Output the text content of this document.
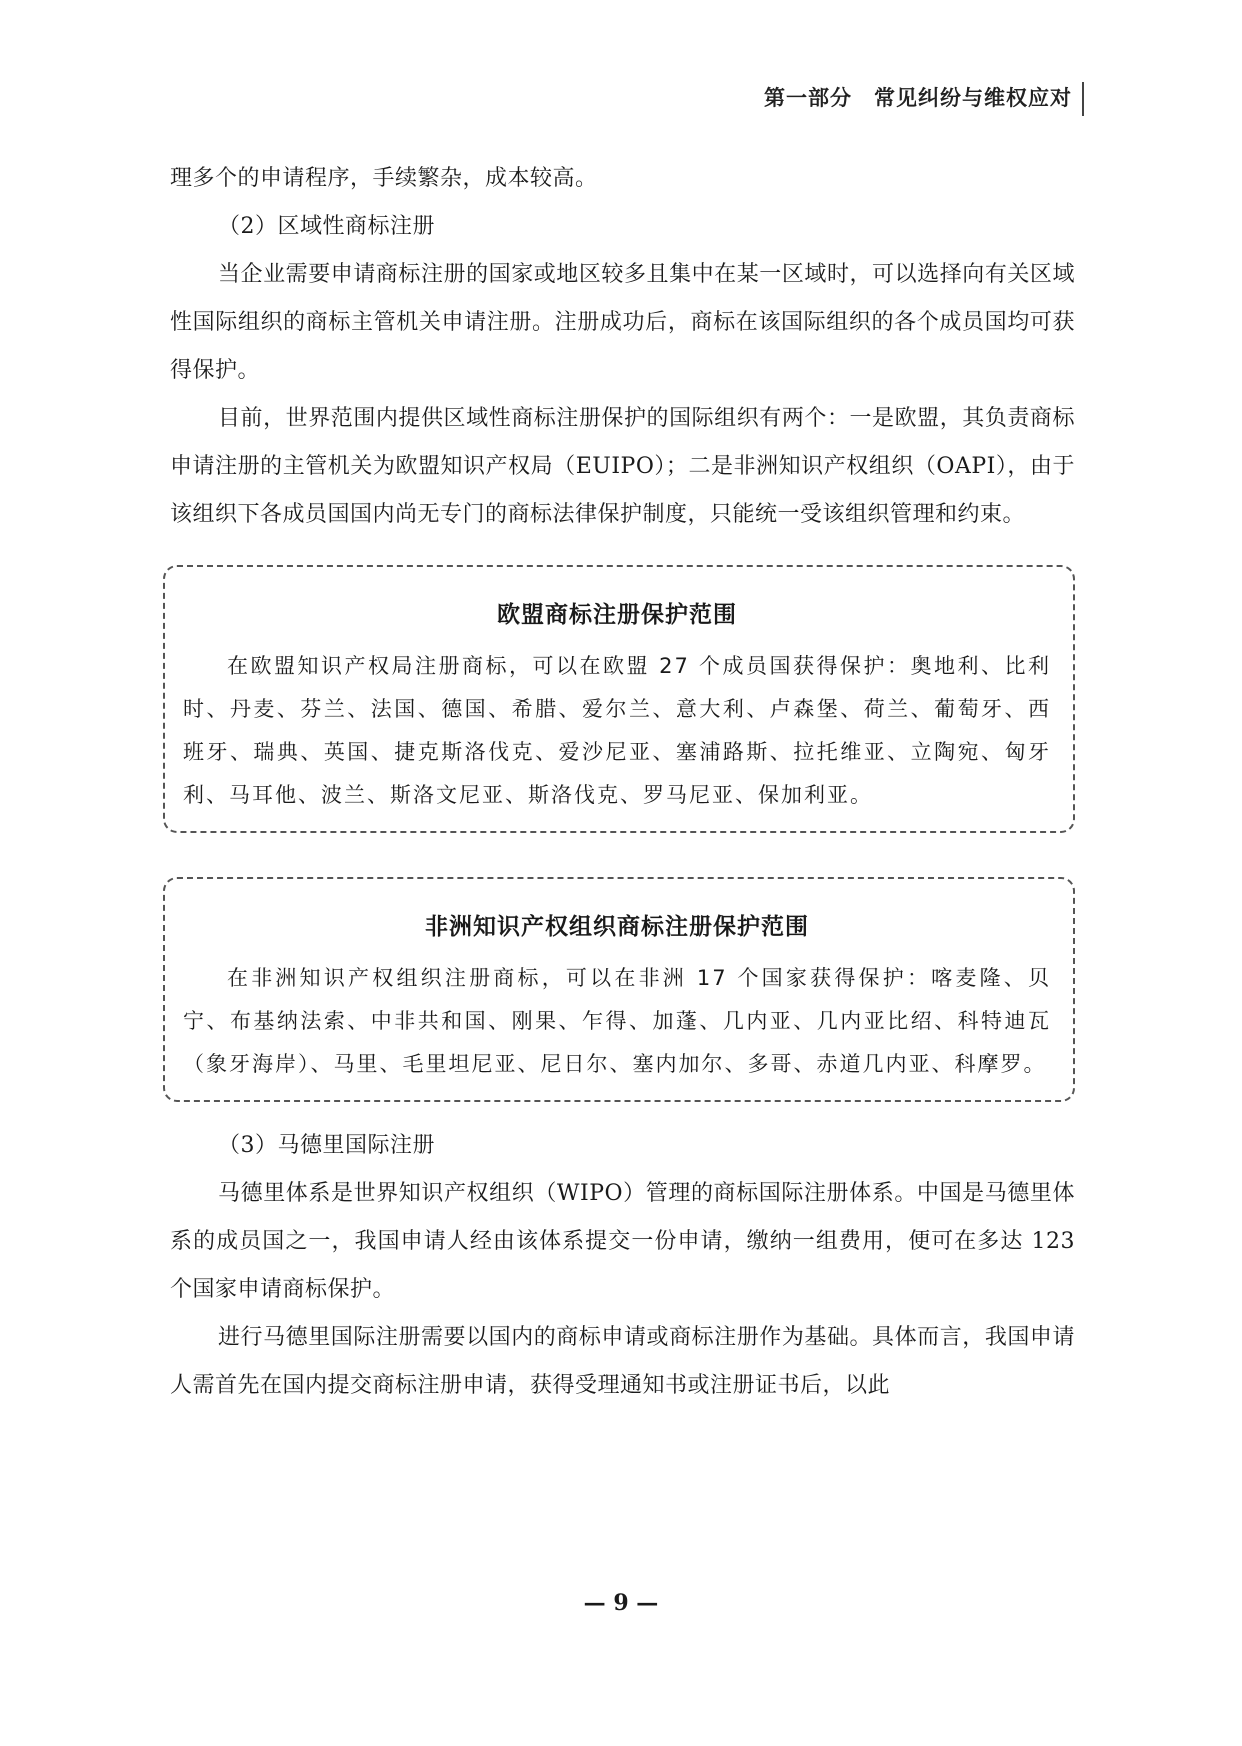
第一部分　常见纠纷与维权应对

理多个的申请程序，手续繁杂，成本较高。

（2）区域性商标注册

当企业需要申请商标注册的国家或地区较多且集中在某一区域时，可以选择向有关区域性国际组织的商标主管机关申请注册。注册成功后，商标在该国际组织的各个成员国均可获得保护。

目前，世界范围内提供区域性商标注册保护的国际组织有两个：一是欧盟，其负责商标申请注册的主管机关为欧盟知识产权局（EUIPO）；二是非洲知识产权组织（OAPI），由于该组织下各成员国国内尚无专门的商标法律保护制度，只能统一受该组织管理和约束。

欧盟商标注册保护范围

在欧盟知识产权局注册商标，可以在欧盟 27 个成员国获得保护：奥地利、比利时、丹麦、芬兰、法国、德国、希腊、爱尔兰、意大利、卢森堡、荷兰、葡萄牙、西班牙、瑞典、英国、捷克斯洛伐克、爱沙尼亚、塞浦路斯、拉托维亚、立陶宛、匈牙利、马耳他、波兰、斯洛文尼亚、斯洛伐克、罗马尼亚、保加利亚。

非洲知识产权组织商标注册保护范围

在非洲知识产权组织注册商标，可以在非洲 17 个国家获得保护：喀麦隆、贝宁、布基纳法索、中非共和国、刚果、乍得、加蓬、几内亚、几内亚比绍、科特迪瓦（象牙海岸）、马里、毛里坦尼亚、尼日尔、塞内加尔、多哥、赤道几内亚、科摩罗。

（3）马德里国际注册

马德里体系是世界知识产权组织（WIPO）管理的商标国际注册体系。中国是马德里体系的成员国之一，我国申请人经由该体系提交一份申请，缴纳一组费用，便可在多达 123 个国家申请商标保护。

进行马德里国际注册需要以国内的商标申请或商标注册作为基础。具体而言，我国申请人需首先在国内提交商标注册申请，获得受理通知书或注册证书后，以此

— 9 —
